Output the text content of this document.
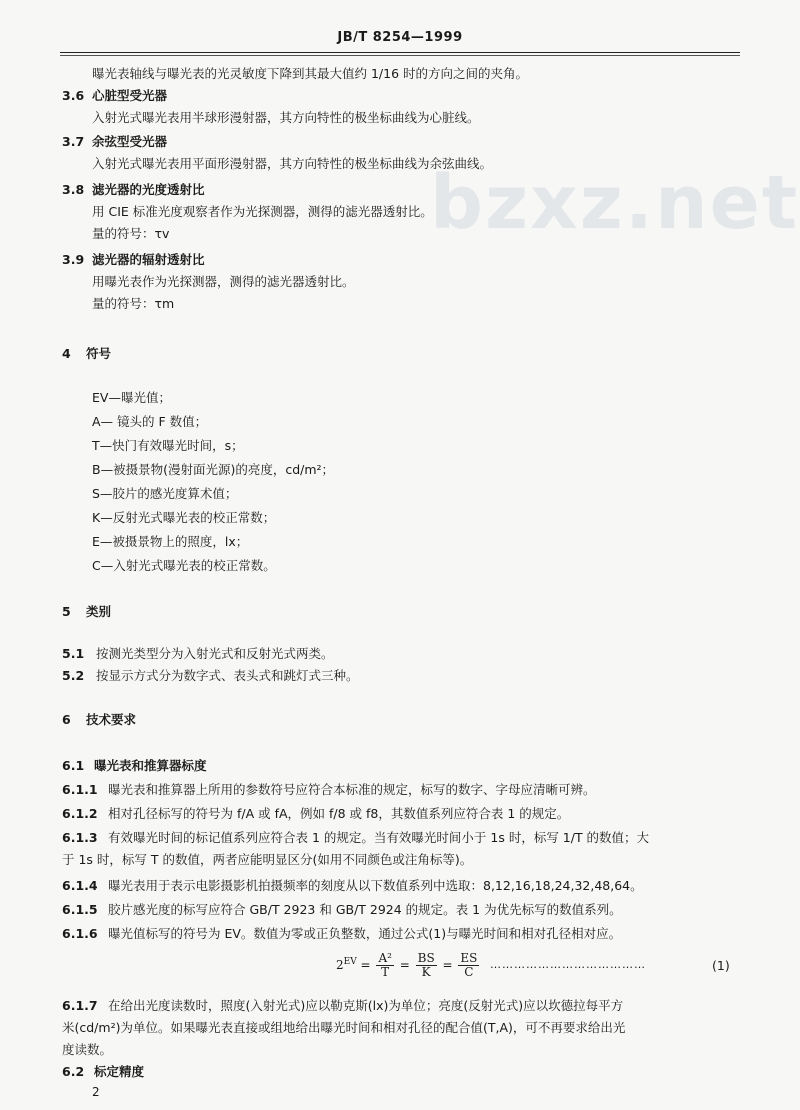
JB/T 8254—1999
bzxz.net
曝光表轴线与曝光表的光灵敏度下降到其最大值约 1/16 时的方向之间的夹角。
3.6 心脏型受光器
入射光式曝光表用半球形漫射器，其方向特性的极坐标曲线为心脏线。
3.7 余弦型受光器
入射光式曝光表用平面形漫射器，其方向特性的极坐标曲线为余弦曲线。
3.8 滤光器的光度透射比
用 CIE 标准光度观察者作为光探测器，测得的滤光器透射比。
量的符号：τv
3.9 滤光器的辐射透射比
用曝光表作为光探测器，测得的滤光器透射比。
量的符号：τm
4 符号
EV—曝光值；
A— 镜头的 F 数值；
T—快门有效曝光时间，s；
B—被摄景物(漫射面光源)的亮度，cd/m²；
S—胶片的感光度算术值；
K—反射光式曝光表的校正常数；
E—被摄景物上的照度，lx；
C—入射光式曝光表的校正常数。
5 类别
5.1 按测光类型分为入射光式和反射光式两类。
5.2 按显示方式分为数字式、表头式和跳灯式三种。
6 技术要求
6.1 曝光表和推算器标度
6.1.1 曝光表和推算器上所用的参数符号应符合本标准的规定，标写的数字、字母应清晰可辨。
6.1.2 相对孔径标写的符号为 f/A 或 fA，例如 f/8 或 f8，其数值系列应符合表 1 的规定。
6.1.3 有效曝光时间的标记值系列应符合表 1 的规定。当有效曝光时间小于 1s 时，标写 1/T 的数值；大
于 1s 时，标写 T 的数值，两者应能明显区分(如用不同颜色或注角标等)。
6.1.4 曝光表用于表示电影摄影机拍摄频率的刻度从以下数值系列中选取：8,12,16,18,24,32,48,64。
6.1.5 胶片感光度的标写应符合 GB/T 2923 和 GB/T 2924 的规定。表 1 为优先标写的数值系列。
6.1.6 曝光值标写的符号为 EV。数值为零或正负整数，通过公式(1)与曝光时间和相对孔径相对应。
$2^{EV} = \frac{\text{A²}}{T} = \frac{BS}{K} = \frac{ES}{C}$ …………………………………	(1)
6.1.7 在给出光度读数时，照度(入射光式)应以勒克斯(lx)为单位；亮度(反射光式)应以坎德拉每平方
米(cd/m²)为单位。如果曝光表直接或组地给出曝光时间和相对孔径的配合值(T,A)，可不再要求给出光
度读数。
6.2 标定精度
2
